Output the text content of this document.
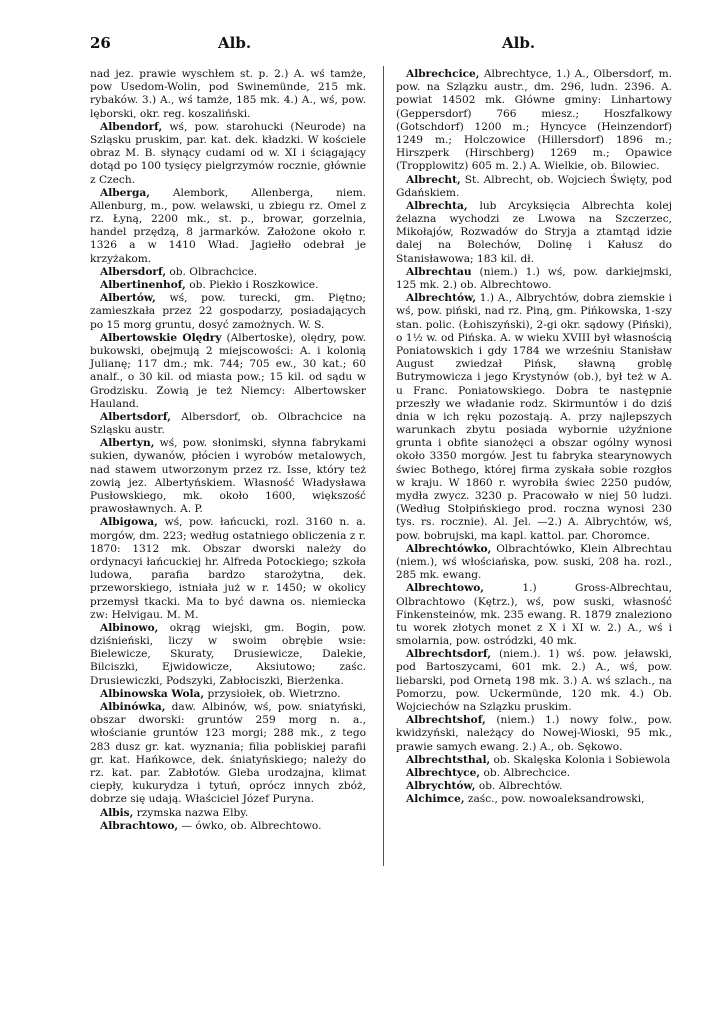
26	Alb.	Alb.

nad jez. prawie wyschłem st. p. 2.) A. wś tamże, pow Usedom-Wolin, pod Swinemünde, 215 mk. rybaków. 3.) A., wś tamże, 185 mk. 4.) A., wś, pow. lęborski, okr. reg. koszaliński.

Albendorf, wś, pow. starohucki (Neurode) na Szląsku pruskim, par. kat. dek. kładzki. W kościele obraz M. B. słynący cudami od w. XI i ściągający dotąd po 100 tysięcy pielgrzymów rocznie, głównie z Czech.

Alberga, Alembork, Allenberga, niem. Allenburg, m., pow. welawski, u zbiegu rz. Omel z rz. Łyną, 2200 mk., st. p., browar, gorzelnia, handel przędzą, 8 jarmarków. Założone około r. 1326 a w 1410 Wład. Jagiełło odebrał je krzyżakom.

Albersdorf, ob. Olbrachcice.

Albertinenhof, ob. Piekło i Roszkowice.

Albertów, wś, pow. turecki, gm. Piętno; zamieszkała przez 22 gospodarzy, posiadających po 15 morg gruntu, dosyć zamożnych. W. S.

Albertowskie Olędry (Albertoske), olędry, pow. bukowski, obejmują 2 miejscowości: A. i kolonią Julianę; 117 dm.; mk. 744; 705 ew., 30 kat.; 60 analf., o 30 kil. od miasta pow.; 15 kil. od sądu w Grodzisku. Zowią je też Niemcy: Albertowsker Hauland.

Albertsdorf, Albersdorf, ob. Olbrachcice na Szląsku austr.

Albertyn, wś, pow. słonimski, słynna fabrykami sukien, dywanów, płócien i wyrobów metalowych, nad stawem utworzonym przez rz. Isse, który też zowią jez. Albertyńskiem. Własność Władysława Pusłowskiego, mk. około 1600, większość prawosławnych. A. P.

Albigowa, wś, pow. łańcucki, rozl. 3160 n. a. morgów, dm. 223; według ostatniego obliczenia z r. 1870: 1312 mk. Obszar dworski należy do ordynacyi łańcuckiej hr. Alfreda Potockiego; szkoła ludowa, parafia bardzo starożytna, dek. przeworskiego, istniała już w r. 1450; w okolicy przemysł tkacki. Ma to być dawna os. niemiecka zw: Helvigau. M. M.

Albinowo, okrąg wiejski, gm. Bogin, pow. dziśnieński, liczy w swoim obrębie wsie: Bielewicze, Skuraty, Drusiewicze, Dalekie, Bilciszki, Ejwidowicze, Aksiutowo; zaśc. Drusiewiczki, Podszyki, Zabłociszki, Bierżenka.

Albinowska Wola, przysiołek, ob. Wietrzno.

Albinówka, daw. Albinów, wś, pow. sniatyński, obszar dworski: gruntów 259 morg n. a., włościanie gruntów 123 morgi; 288 mk., z tego 283 dusz gr. kat. wyznania; filia pobliskiej parafii gr. kat. Hańkowce, dek. śniatyńskiego; należy do rz. kat. par. Zabłotów. Gleba urodzajna, klimat ciepły, kukurydza i tytuń, oprócz innych zbóż, dobrze się udają. Właściciel Józef Puryna.

Albis, rzymska nazwa Elby.

Albrachtowo, — ówko, ob. Albrechtowo.

Albrechcice, Albrechtyce, 1.) A., Olbersdorf, m. pow. na Szlązku austr., dm. 296, ludn. 2396. A. powiat 14502 mk. Główne gminy: Linhartowy (Geppersdorf) 766 miesz.; Hoszfalkowy (Gotschdorf) 1200 m.; Hyncyce (Heinzendorf) 1249 m.; Holczowice (Hillersdorf) 1896 m.; Hirszperk (Hirschberg) 1269 m.; Opawice (Tropplowitz) 605 m. 2.) A. Wielkie, ob. Bilowiec.

Albrecht, St. Albrecht, ob. Wojciech Święty, pod Gdańskiem.

Albrechta, lub Arcyksięcia Albrechta kolej żelazna wychodzi ze Lwowa na Szczerzec, Mikołajów, Rozwadów do Stryja a ztamtąd idzie dalej na Bolechów, Dolinę i Kałusz do Stanisławowa; 183 kil. dł.

Albrechtau (niem.) 1.) wś, pow. darkiejmski, 125 mk. 2.) ob. Albrechtowo.

Albrechtów, 1.) A., Albrychtów, dobra ziemskie i wś, pow. piński, nad rz. Piną, gm. Pińkowska, 1-szy stan. polic. (Łohiszyński), 2-gi okr. sądowy (Piński), o 1½ w. od Pińska. A. w wieku XVIII był własnością Poniatowskich i gdy 1784 we wrześniu Stanisław August zwiedzał Pińsk, sławną groblę Butrymowicza i jego Krystynów (ob.), był też w A. u Franc. Poniatowskiego. Dobra te następnie przeszły we władanie rodz. Skirmuntów i do dziś dnia w ich ręku pozostają. A. przy najlepszych warunkach zbytu posiada wybornie użyźnione grunta i obfite sianożęci a obszar ogólny wynosi około 3350 morgów. Jest tu fabryka stearynowych świec Bothego, której firma zyskała sobie rozgłos w kraju. W 1860 r. wyrobiła świec 2250 pudów, mydła zwycz. 3230 p. Pracowało w niej 50 ludzi. (Według Stołpińskiego prod. roczna wynosi 230 tys. rs. rocznie). Al. Jel. —2.) A. Albrychtów, wś, pow. bobrujski, ma kapl. kattol. par. Choromce.

Albrechtówko, Olbrachtówko, Klein Albrechtau (niem.), wś włościańska, pow. suski, 208 ha. rozl., 285 mk. ewang.

Albrechtowo,	1.) Gross-Albrechtau, Olbrachtowo (Kętrz.), wś, pow suski, własność Finkensteinów, mk. 235 ewang. R. 1879 znaleziono tu worek złotych monet z X i XI w. 2.) A., wś i smolarnia, pow. ostródzki, 40 mk.

Albrechtsdorf, (niem.). 1) wś. pow. jeławski, pod Bartoszycami, 601 mk. 2.) A., wś, pow. liebarski, pod Ornetą 198 mk. 3.) A. wś szlach., na Pomorzu, pow. Uckermünde, 120 mk. 4.) Ob. Wojciechów na Szlązku pruskim.

Albrechtshof, (niem.) 1.) nowy folw., pow. kwidzyński, należący do Nowej-Wioski, 95 mk., prawie samych ewang. 2.) A., ob. Sękowo.

Albrechtsthal, ob. Skalęska Kolonia i Sobiewola

Albrechtyce, ob. Albrechcice.

Albrychtów, ob. Albrechtów.

Alchimce, zaśc., pow. nowoaleksandrowski,
